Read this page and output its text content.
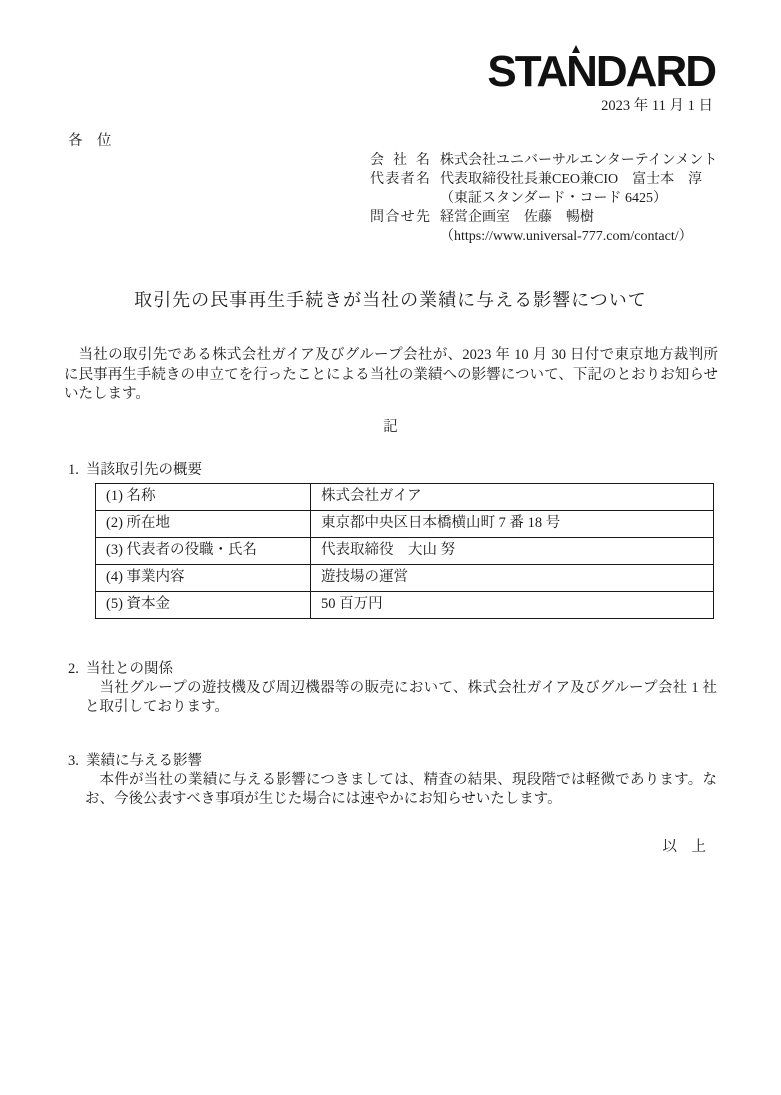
STANDARD
2023 年 11 月 1 日
各　位
会社名 株式会社ユニバーサルエンターテインメント
代表者名 代表取締役社長兼CEO兼CIO　富士本　淳
（東証スタンダード・コード 6425）
問合せ先 経営企画室　佐藤　暢樹
（https://www.universal-777.com/contact/）
取引先の民事再生手続きが当社の業績に与える影響について

当社の取引先である株式会社ガイア及びグループ会社が、2023 年 10 月 30 日付で東京地方裁判所に民事再生手続きの申立てを行ったことによる当社の業績への影響について、下記のとおりお知らせいたします。

記
1. 当該取引先の概要
(1) 名称	株式会社ガイア
(2) 所在地	東京都中央区日本橋横山町 7 番 18 号
(3) 代表者の役職・氏名	代表取締役　大山 努
(4) 事業内容	遊技場の運営
(5) 資本金	50 百万円
2. 当社との関係

当社グループの遊技機及び周辺機器等の販売において、株式会社ガイア及びグループ会社 1 社と取引しております。

3. 業績に与える影響

本件が当社の業績に与える影響につきましては、精査の結果、現段階では軽微であります。なお、今後公表すべき事項が生じた場合には速やかにお知らせいたします。

以　上
